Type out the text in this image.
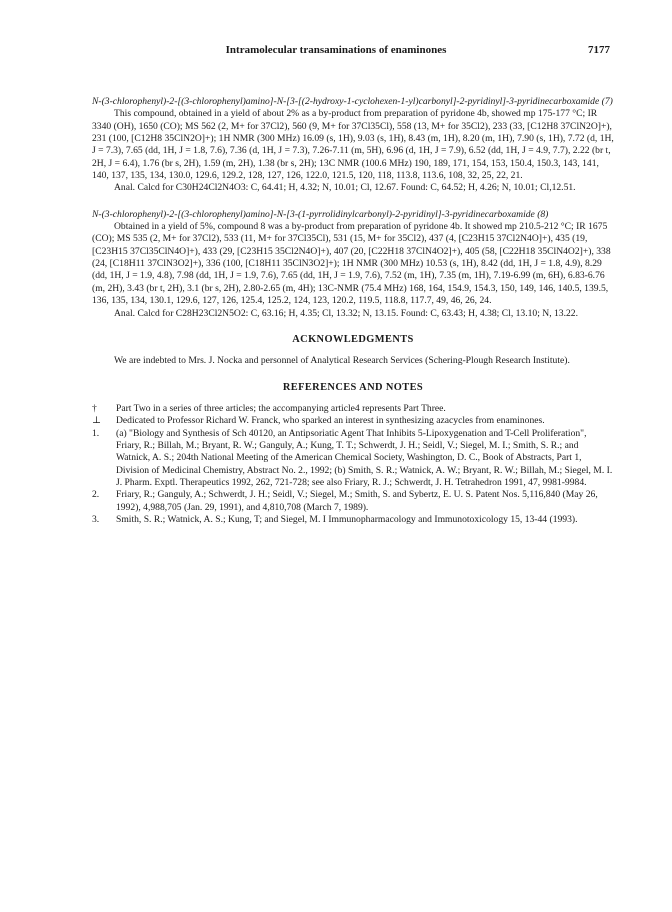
Intramolecular transaminations of enaminones	7177

N-(3-chlorophenyl)-2-[(3-chlorophenyl)amino]-N-[3-[(2-hydroxy-1-cyclohexen-1-yl)carbonyl]-2-pyridinyl]-3-pyridinecarboxamide (7)

This compound, obtained in a yield of about 2% as a by-product from preparation of pyridone 4b, showed mp 175-177 °C; IR 3340 (OH), 1650 (CO); MS 562 (2, M+ for 37Cl2), 560 (9, M+ for 37Cl35Cl), 558 (13, M+ for 35Cl2), 233 (33, [C12H8 37ClN2O]+), 231 (100, [C12H8 35ClN2O]+); 1H NMR (300 MHz) 16.09 (s, 1H), 9.03 (s, 1H), 8.43 (m, 1H), 8.20 (m, 1H), 7.90 (s, 1H), 7.72 (d, 1H, J = 7.3), 7.65 (dd, 1H, J = 1.8, 7.6), 7.36 (d, 1H, J = 7.3), 7.26-7.11 (m, 5H), 6.96 (d, 1H, J = 7.9), 6.52 (dd, 1H, J = 4.9, 7.7), 2.22 (br t, 2H, J = 6.4), 1.76 (br s, 2H), 1.59 (m, 2H), 1.38 (br s, 2H); 13C NMR (100.6 MHz) 190, 189, 171, 154, 153, 150.4, 150.3, 143, 141, 140, 137, 135, 134, 130.0, 129.6, 129.2, 128, 127, 126, 122.0, 121.5, 120, 118, 113.8, 113.6, 108, 32, 25, 22, 21.

Anal. Calcd for C30H24Cl2N4O3: C, 64.41; H, 4.32; N, 10.01; Cl, 12.67. Found: C, 64.52; H, 4.26; N, 10.01; Cl,12.51.

N-(3-chlorophenyl)-2-[(3-chlorophenyl)amino]-N-[3-(1-pyrrolidinylcarbonyl)-2-pyridinyl]-3-pyridinecarboxamide (8)

Obtained in a yield of 5%, compound 8 was a by-product from preparation of pyridone 4b. It showed mp 210.5-212 °C; IR 1675 (CO); MS 535 (2, M+ for 37Cl2), 533 (11, M+ for 37Cl35Cl), 531 (15, M+ for 35Cl2), 437 (4, [C23H15 37Cl2N4O]+), 435 (19, [C23H15 37Cl35ClN4O]+), 433 (29, [C23H15 35Cl2N4O]+), 407 (20, [C22H18 37ClN4O2]+), 405 (58, [C22H18 35ClN4O2]+), 338 (24, [C18H11 37ClN3O2]+), 336 (100, [C18H11 35ClN3O2]+); 1H NMR (300 MHz) 10.53 (s, 1H), 8.42 (dd, 1H, J = 1.8, 4.9), 8.29 (dd, 1H, J = 1.9, 4.8), 7.98 (dd, 1H, J = 1.9, 7.6), 7.65 (dd, 1H, J = 1.9, 7.6), 7.52 (m, 1H), 7.35 (m, 1H), 7.19-6.99 (m, 6H), 6.83-6.76 (m, 2H), 3.43 (br t, 2H), 3.1 (br s, 2H), 2.80-2.65 (m, 4H); 13C-NMR (75.4 MHz) 168, 164, 154.9, 154.3, 150, 149, 146, 140.5, 139.5, 136, 135, 134, 130.1, 129.6, 127, 126, 125.4, 125.2, 124, 123, 120.2, 119.5, 118.8, 117.7, 49, 46, 26, 24.

Anal. Calcd for C28H23Cl2N5O2: C, 63.16; H, 4.35; Cl, 13.32; N, 13.15. Found: C, 63.43; H, 4.38; Cl, 13.10; N, 13.22.

ACKNOWLEDGMENTS

We are indebted to Mrs. J. Nocka and personnel of Analytical Research Services (Schering-Plough Research Institute).

REFERENCES AND NOTES

† Part Two in a series of three articles; the accompanying article4 represents Part Three.
⊥ Dedicated to Professor Richard W. Franck, who sparked an interest in synthesizing azacycles from enaminones.
1. (a) "Biology and Synthesis of Sch 40120, an Antipsoriatic Agent That Inhibits 5-Lipoxygenation and T-Cell Proliferation", Friary, R.; Billah, M.; Bryant, R. W.; Ganguly, A.; Kung, T. T.; Schwerdt, J. H.; Seidl, V.; Siegel, M. I.; Smith, S. R.; and Watnick, A. S.; 204th National Meeting of the American Chemical Society, Washington, D. C., Book of Abstracts, Part 1, Division of Medicinal Chemistry, Abstract No. 2., 1992; (b) Smith, S. R.; Watnick, A. W.; Bryant, R. W.; Billah, M.; Siegel, M. I. J. Pharm. Exptl. Therapeutics 1992, 262, 721-728; see also Friary, R. J.; Schwerdt, J. H. Tetrahedron 1991, 47, 9981-9984.
2. Friary, R.; Ganguly, A.; Schwerdt, J. H.; Seidl, V.; Siegel, M.; Smith, S. and Sybertz, E. U. S. Patent Nos. 5,116,840 (May 26, 1992), 4,988,705 (Jan. 29, 1991), and 4,810,708 (March 7, 1989).
3. Smith, S. R.; Watnick, A. S.; Kung, T; and Siegel, M. I Immunopharmacology and Immunotoxicology 15, 13-44 (1993).
